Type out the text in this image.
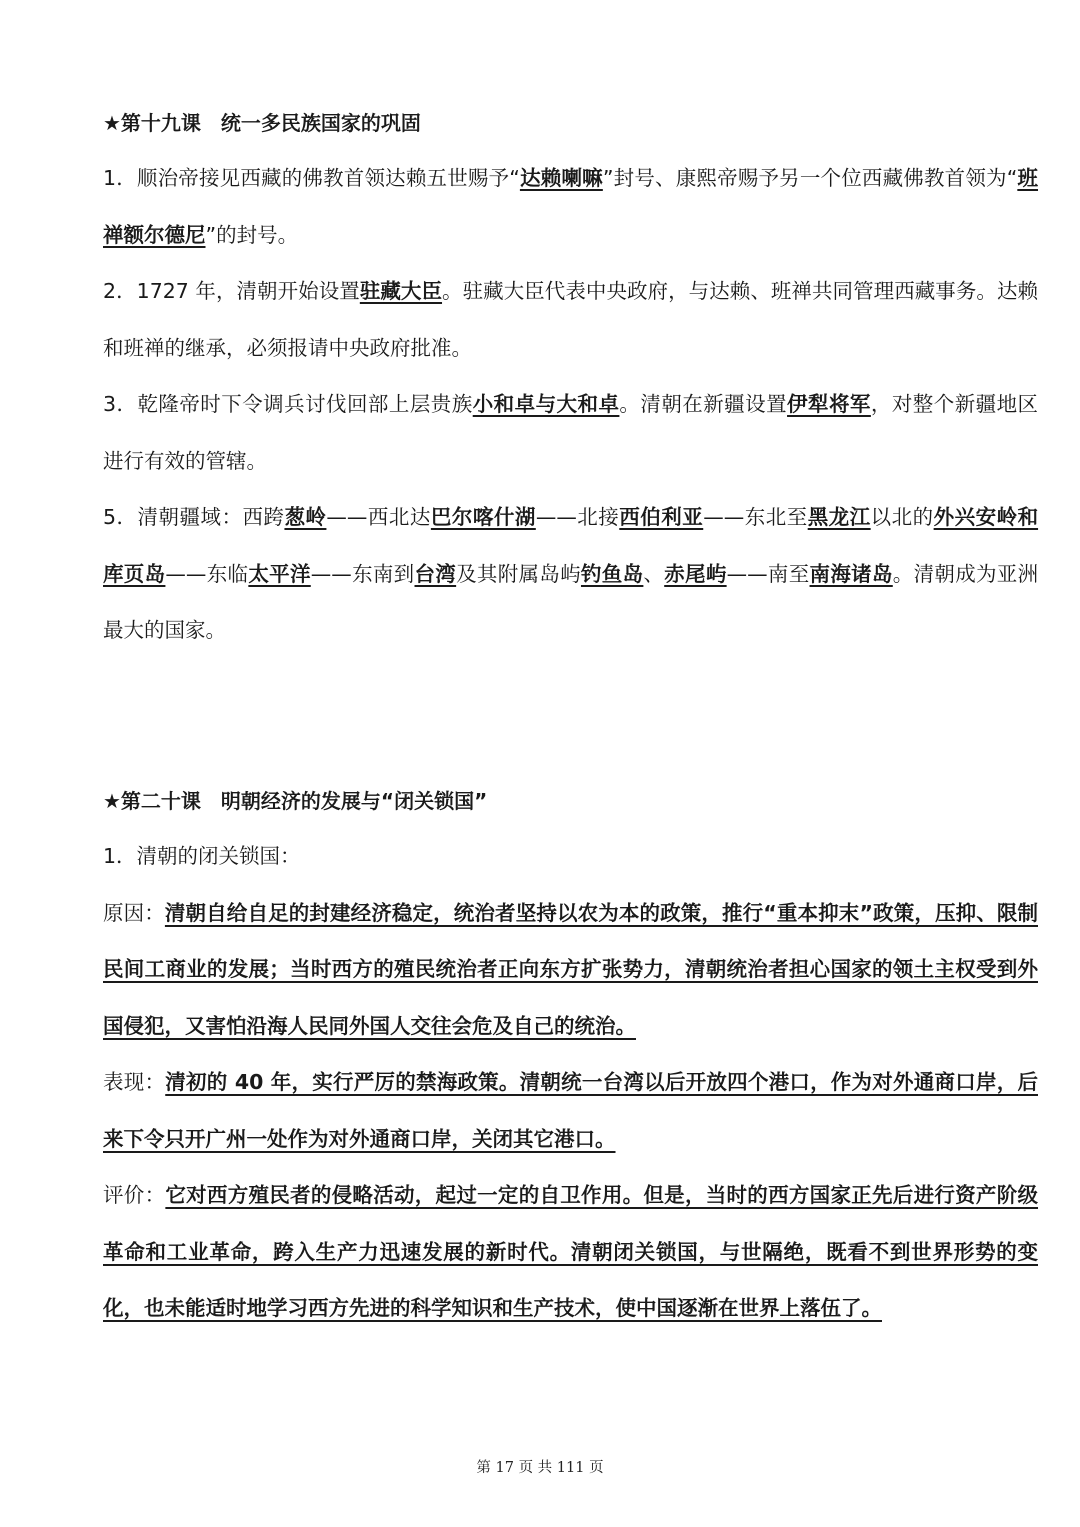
★第十九课　统一多民族国家的巩固

1．顺治帝接见西藏的佛教首领达赖五世赐予“达赖喇嘛”封号、康熙帝赐予另一个位西藏佛教首领为“班禅额尔德尼”的封号。

2．1727 年，清朝开始设置驻藏大臣。驻藏大臣代表中央政府，与达赖、班禅共同管理西藏事务。达赖和班禅的继承，必须报请中央政府批准。

3．乾隆帝时下令调兵讨伐回部上层贵族小和卓与大和卓。清朝在新疆设置伊犁将军，对整个新疆地区进行有效的管辖。

5．清朝疆域：西跨葱岭——西北达巴尔喀什湖——北接西伯利亚——东北至黑龙江以北的外兴安岭和库页岛——东临太平洋——东南到台湾及其附属岛屿钓鱼岛、赤尾屿——南至南海诸岛。清朝成为亚洲最大的国家。

★第二十课　明朝经济的发展与“闭关锁国”

1．清朝的闭关锁国：

原因：清朝自给自足的封建经济稳定，统治者坚持以农为本的政策，推行“重本抑末”政策，压抑、限制民间工商业的发展；当时西方的殖民统治者正向东方扩张势力，清朝统治者担心国家的领土主权受到外国侵犯，又害怕沿海人民同外国人交往会危及自己的统治。

表现：清初的 40 年，实行严厉的禁海政策。清朝统一台湾以后开放四个港口，作为对外通商口岸，后来下令只开广州一处作为对外通商口岸，关闭其它港口。

评价：它对西方殖民者的侵略活动，起过一定的自卫作用。但是，当时的西方国家正先后进行资产阶级革命和工业革命，跨入生产力迅速发展的新时代。清朝闭关锁国，与世隔绝，既看不到世界形势的变化，也未能适时地学习西方先进的科学知识和生产技术，使中国逐渐在世界上落伍了。

第 17 页 共 111 页
